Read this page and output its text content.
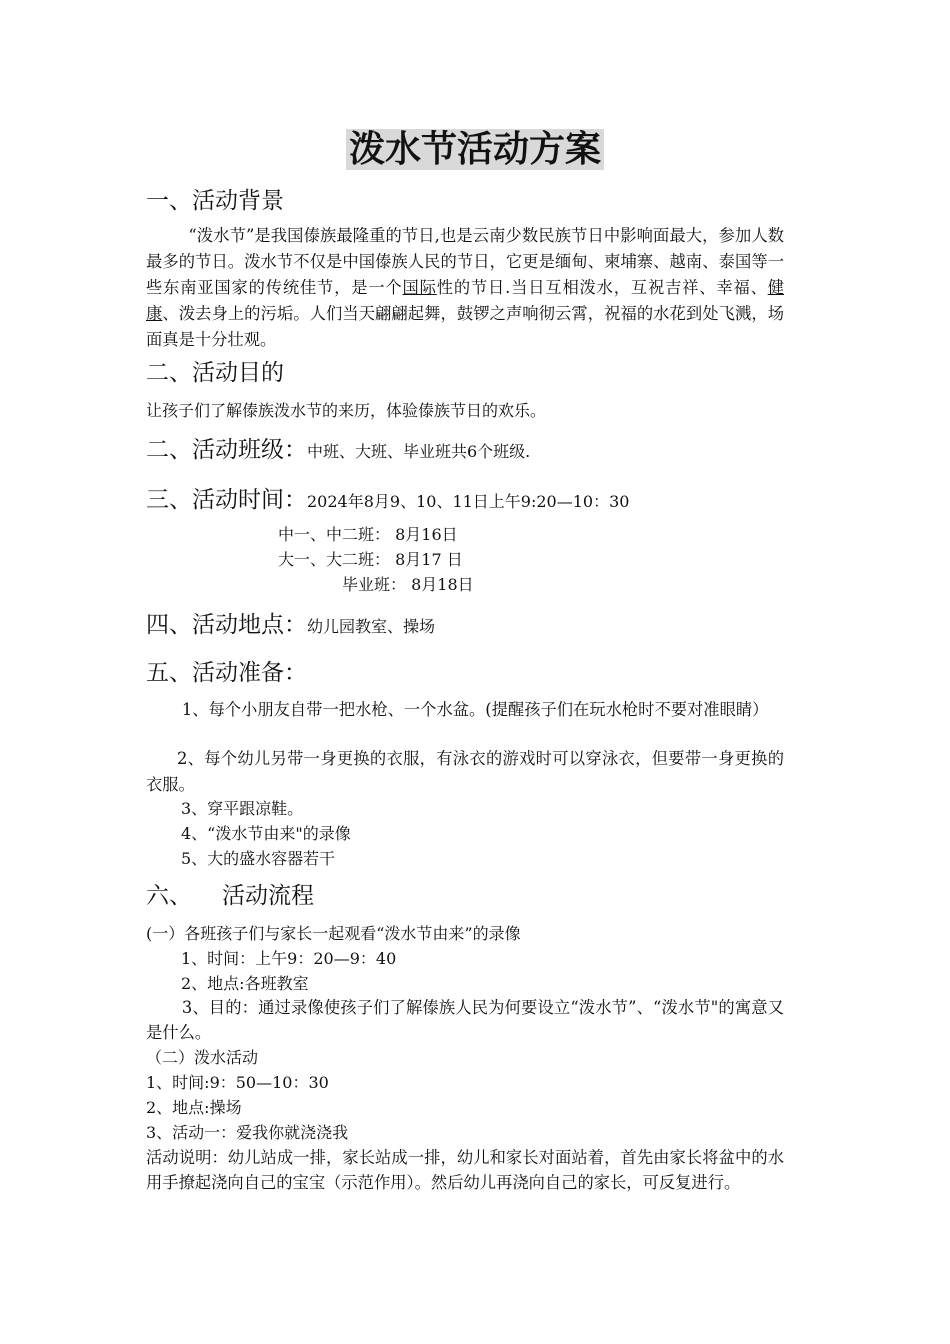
泼水节活动方案
一、活动背景
“泼水节”是我国傣族最隆重的节日,也是云南少数民族节日中影响面最大，参加人数最多的节日。泼水节不仅是中国傣族人民的节日，它更是缅甸、柬埔寨、越南、泰国等一些东南亚国家的传统佳节，是一个国际性的节日.当日互相泼水，互祝吉祥、幸福、健康、泼去身上的污垢。人们当天翩翩起舞，鼓锣之声响彻云霄，祝福的水花到处飞溅，场面真是十分壮观。
二、活动目的
让孩子们了解傣族泼水节的来历，体验傣族节日的欢乐。
二、活动班级：中班、大班、毕业班共6个班级.
三、活动时间：2024年8月9、10、11日上午9:20—10：30
中一、中二班： 8月16日
大一、大二班： 8月17 日
毕业班： 8月18日
四、活动地点：幼儿园教室、操场
五、活动准备：
1、每个小朋友自带一把水枪、一个水盆。(提醒孩子们在玩水枪时不要对准眼睛）
2、每个幼儿另带一身更换的衣服，有泳衣的游戏时可以穿泳衣，但要带一身更换的衣服。
3、穿平跟凉鞋。
4、“泼水节由来"的录像
5、大的盛水容器若干
六、 活动流程
(一）各班孩子们与家长一起观看“泼水节由来”的录像
1、时间：上午9：20—9：40
2、地点:各班教室
3、目的：通过录像使孩子们了解傣族人民为何要设立“泼水节”、“泼水节"的寓意又是什么。
（二）泼水活动
1、时间:9：50—10：30
2、地点:操场
3、活动一：爱我你就浇浇我
活动说明：幼儿站成一排，家长站成一排，幼儿和家长对面站着，首先由家长将盆中的水用手撩起浇向自己的宝宝（示范作用）。然后幼儿再浇向自己的家长，可反复进行。
